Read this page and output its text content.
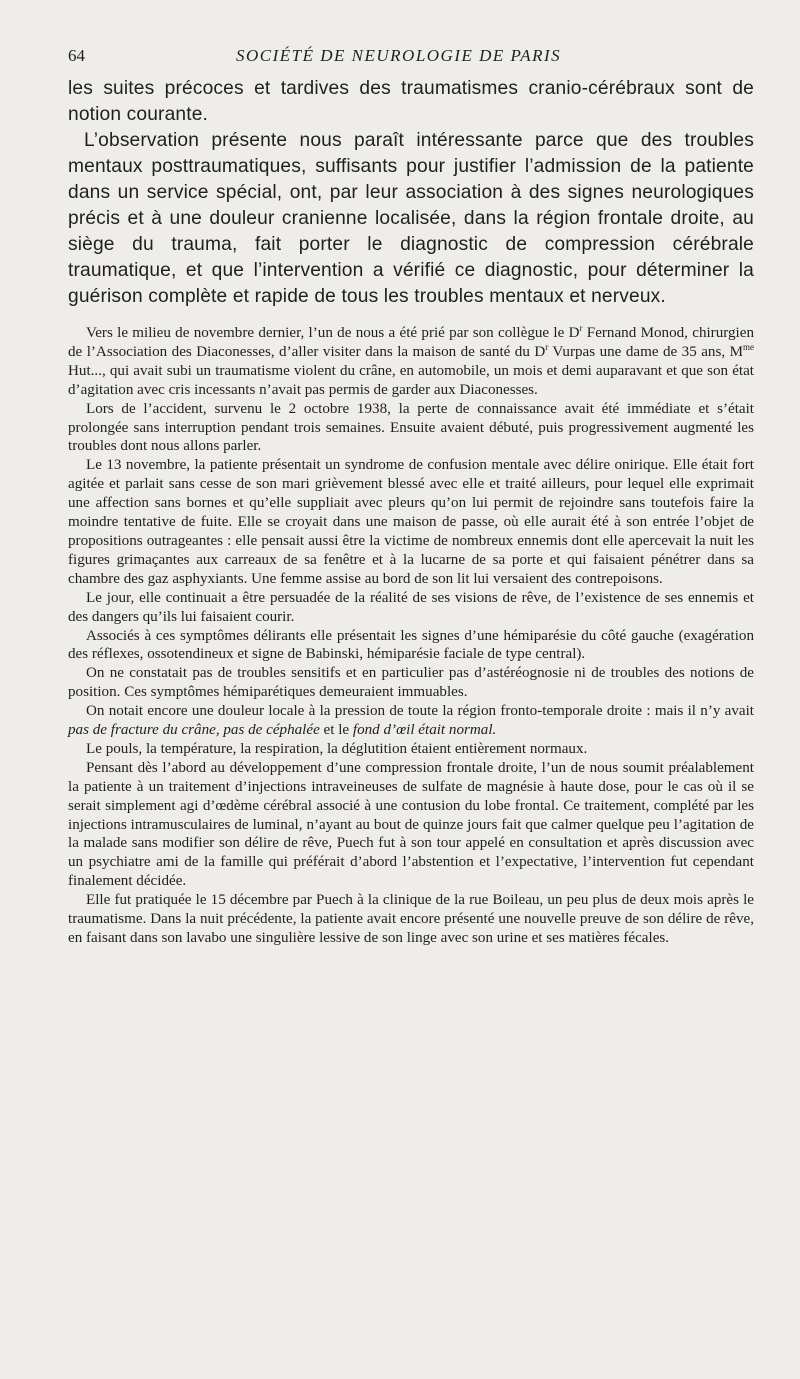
64	SOCIÉTÉ DE NEUROLOGIE DE PARIS

les suites précoces et tardives des traumatismes cranio-cérébraux sont de notion courante.

L’observation présente nous paraît intéressante parce que des troubles mentaux posttraumatiques, suffisants pour justifier l’admission de la patiente dans un service spécial, ont, par leur association à des signes neurologiques précis et à une douleur cranienne localisée, dans la région frontale droite, au siège du trauma, fait porter le diagnostic de compression cérébrale traumatique, et que l’intervention a vérifié ce diagnostic, pour déterminer la guérison complète et rapide de tous les troubles mentaux et nerveux.

Vers le milieu de novembre dernier, l’un de nous a été prié par son collègue le $D^r$ Fernand Monod, chirurgien de l’Association des Diaconesses, d’aller visiter dans la maison de santé du $D^r$ Vurpas une dame de 35 ans, $M^{me}$ Hut..., qui avait subi un traumatisme violent du crâne, en automobile, un mois et demi auparavant et que son état d’agitation avec cris incessants n’avait pas permis de garder aux Diaconesses.

Lors de l’accident, survenu le 2 octobre 1938, la perte de connaissance avait été immédiate et s’était prolongée sans interruption pendant trois semaines. Ensuite avaient débuté, puis progressivement augmenté les troubles dont nous allons parler.

Le 13 novembre, la patiente présentait un syndrome de confusion mentale avec délire onirique. Elle était fort agitée et parlait sans cesse de son mari grièvement blessé avec elle et traité ailleurs, pour lequel elle exprimait une affection sans bornes et qu’elle suppliait avec pleurs qu’on lui permit de rejoindre sans toutefois faire la moindre tentative de fuite. Elle se croyait dans une maison de passe, où elle aurait été à son entrée l’objet de propositions outrageantes : elle pensait aussi être la victime de nombreux ennemis dont elle apercevait la nuit les figures grimaçantes aux carreaux de sa fenêtre et à la lucarne de sa porte et qui faisaient pénétrer dans sa chambre des gaz asphyxiants. Une femme assise au bord de son lit lui versaient des contrepoisons.

Le jour, elle continuait a être persuadée de la réalité de ses visions de rêve, de l’existence de ses ennemis et des dangers qu’ils lui faisaient courir.

Associés à ces symptômes délirants elle présentait les signes d’une hémiparésie du côté gauche (exagération des réflexes, ossotendineux et signe de Babinski, hémiparésie faciale de type central).

On ne constatait pas de troubles sensitifs et en particulier pas d’astéréognosie ni de troubles des notions de position. Ces symptômes hémiparétiques demeuraient immuables.

On notait encore une douleur locale à la pression de toute la région fronto-temporale droite : mais il n’y avait pas de fracture du crâne, pas de céphalée et le fond d’œil était normal.

Le pouls, la température, la respiration, la déglutition étaient entièrement normaux.

Pensant dès l’abord au développement d’une compression frontale droite, l’un de nous soumit préalablement la patiente à un traitement d’injections intraveineuses de sulfate de magnésie à haute dose, pour le cas où il se serait simplement agi d’œdème cérébral associé à une contusion du lobe frontal. Ce traitement, complété par les injections intramusculaires de luminal, n’ayant au bout de quinze jours fait que calmer quelque peu l’agitation de la malade sans modifier son délire de rêve, Puech fut à son tour appelé en consultation et après discussion avec un psychiatre ami de la famille qui préférait d’abord l’abstention et l’expectative, l’intervention fut cependant finalement décidée.

Elle fut pratiquée le 15 décembre par Puech à la clinique de la rue Boileau, un peu plus de deux mois après le traumatisme. Dans la nuit précédente, la patiente avait encore présenté une nouvelle preuve de son délire de rêve, en faisant dans son lavabo une singulière lessive de son linge avec son urine et ses matières fécales.
